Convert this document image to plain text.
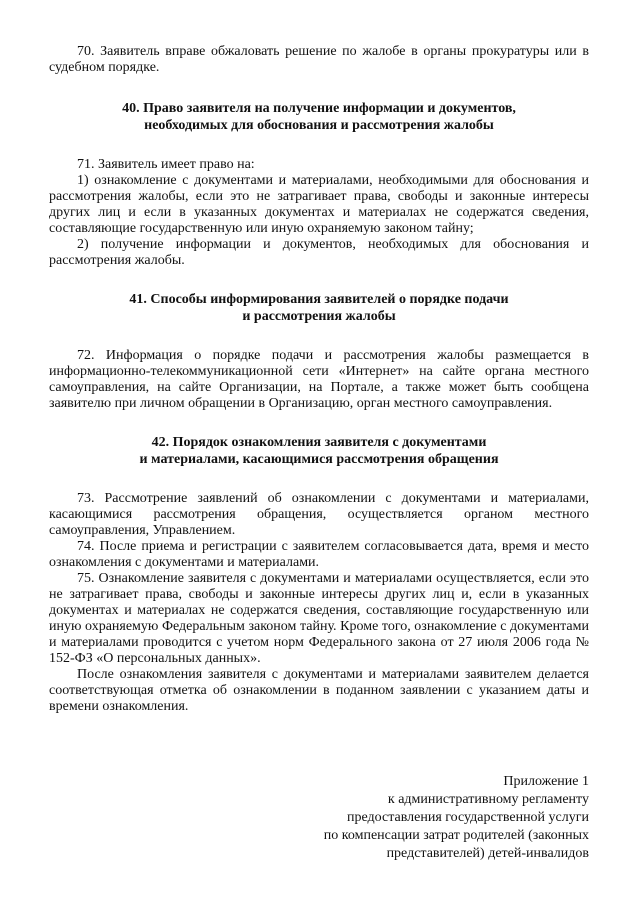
70. Заявитель вправе обжаловать решение по жалобе в органы прокуратуры или в судебном порядке.

40. Право заявителя на получение информации и документов,
необходимых для обоснования и рассмотрения жалобы

71. Заявитель имеет право на:

1) ознакомление с документами и материалами, необходимыми для обоснования и рассмотрения жалобы, если это не затрагивает права, свободы и законные интересы других лиц и если в указанных документах и материалах не содержатся сведения, составляющие государственную или иную охраняемую законом тайну;

2) получение информации и документов, необходимых для обоснования и рассмотрения жалобы.

41. Способы информирования заявителей о порядке подачи
и рассмотрения жалобы

72. Информация о порядке подачи и рассмотрения жалобы размещается в информационно-телекоммуникационной сети «Интернет» на сайте органа местного самоуправления, на сайте Организации, на Портале, а также может быть сообщена заявителю при личном обращении в Организацию, орган местного самоуправления.

42. Порядок ознакомления заявителя с документами
и материалами, касающимися рассмотрения обращения

73. Рассмотрение заявлений об ознакомлении с документами и материалами, касающимися рассмотрения обращения, осуществляется органом местного самоуправления, Управлением.

74. После приема и регистрации с заявителем согласовывается дата, время и место ознакомления с документами и материалами.

75. Ознакомление заявителя с документами и материалами осуществляется, если это не затрагивает права, свободы и законные интересы других лиц и, если в указанных документах и материалах не содержатся сведения, составляющие государственную или иную охраняемую Федеральным законом тайну. Кроме того, ознакомление с документами и материалами проводится с учетом норм Федерального закона от 27 июля 2006 года № 152-ФЗ «О персональных данных».

После ознакомления заявителя с документами и материалами заявителем делается соответствующая отметка об ознакомлении в поданном заявлении с указанием даты и времени ознакомления.

Приложение 1
к административному регламенту
предоставления государственной услуги
по компенсации затрат родителей (законных
представителей) детей-инвалидов
